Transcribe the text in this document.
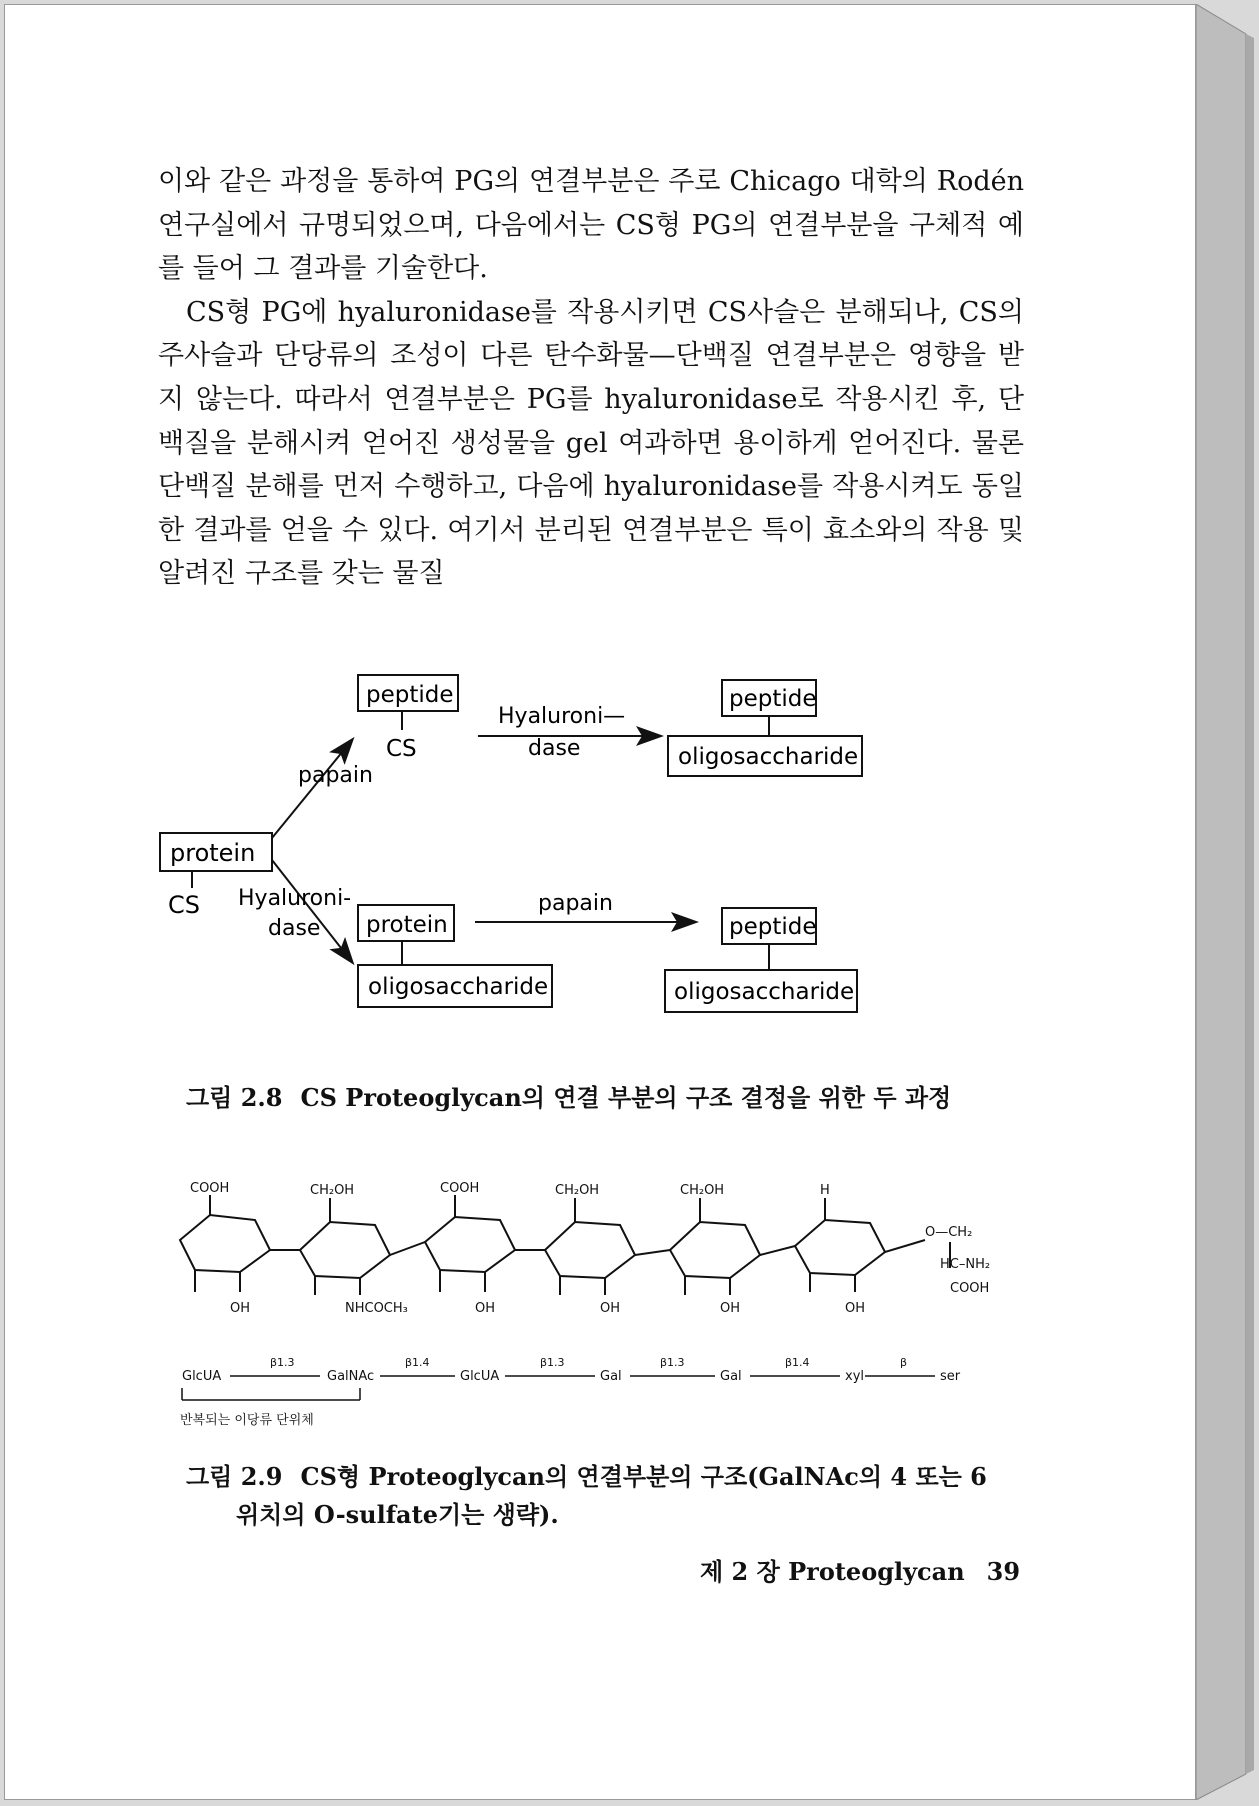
이와 같은 과정을 통하여 PG의 연결부분은 주로 Chicago 대학의 Rodén 연구실에서 규명되었으며, 다음에서는 CS형 PG의 연결부분을 구체적 예를 들어 그 결과를 기술한다.

CS형 PG에 hyaluronidase를 작용시키면 CS사슬은 분해되나, CS의 주사슬과 단당류의 조성이 다른 탄수화물—단백질 연결부분은 영향을 받지 않는다. 따라서 연결부분은 PG를 hyaluronidase로 작용시킨 후, 단백질을 분해시켜 얻어진 생성물을 gel 여과하면 용이하게 얻어진다. 물론 단백질 분해를 먼저 수행하고, 다음에 hyaluronidase를 작용시켜도 동일한 결과를 얻을 수 있다. 여기서 분리된 연결부분은 특이 효소와의 작용 및 알려진 구조를 갖는 물질

protein
CS
papain
Hyaluroni-
dase
peptide
CS
Hyaluroni—
dase
peptide
oligosaccharide
protein
oligosaccharide
papain
peptide
oligosaccharide
그림 2.8 CS Proteoglycan의 연결 부분의 구조 결정을 위한 두 과정
COOH	CH₂OH	COOH	CH₂OH	CH₂OH	H
NHCOCH₃
OH	OH	OH	OH	OH
O—CH₂
HC–NH₂
COOH
GlcUA	GalNAc	GlcUA	Gal	Gal	xyl	ser
β1.3	β1.4	β1.3	β1.3	β1.4	β
반복되는 이당류 단위체
그림 2.9 CS형 Proteoglycan의 연결부분의 구조(GalNAc의 4 또는 6
위치의 O-sulfate기는 생략).
제 2 장 Proteoglycan 39
